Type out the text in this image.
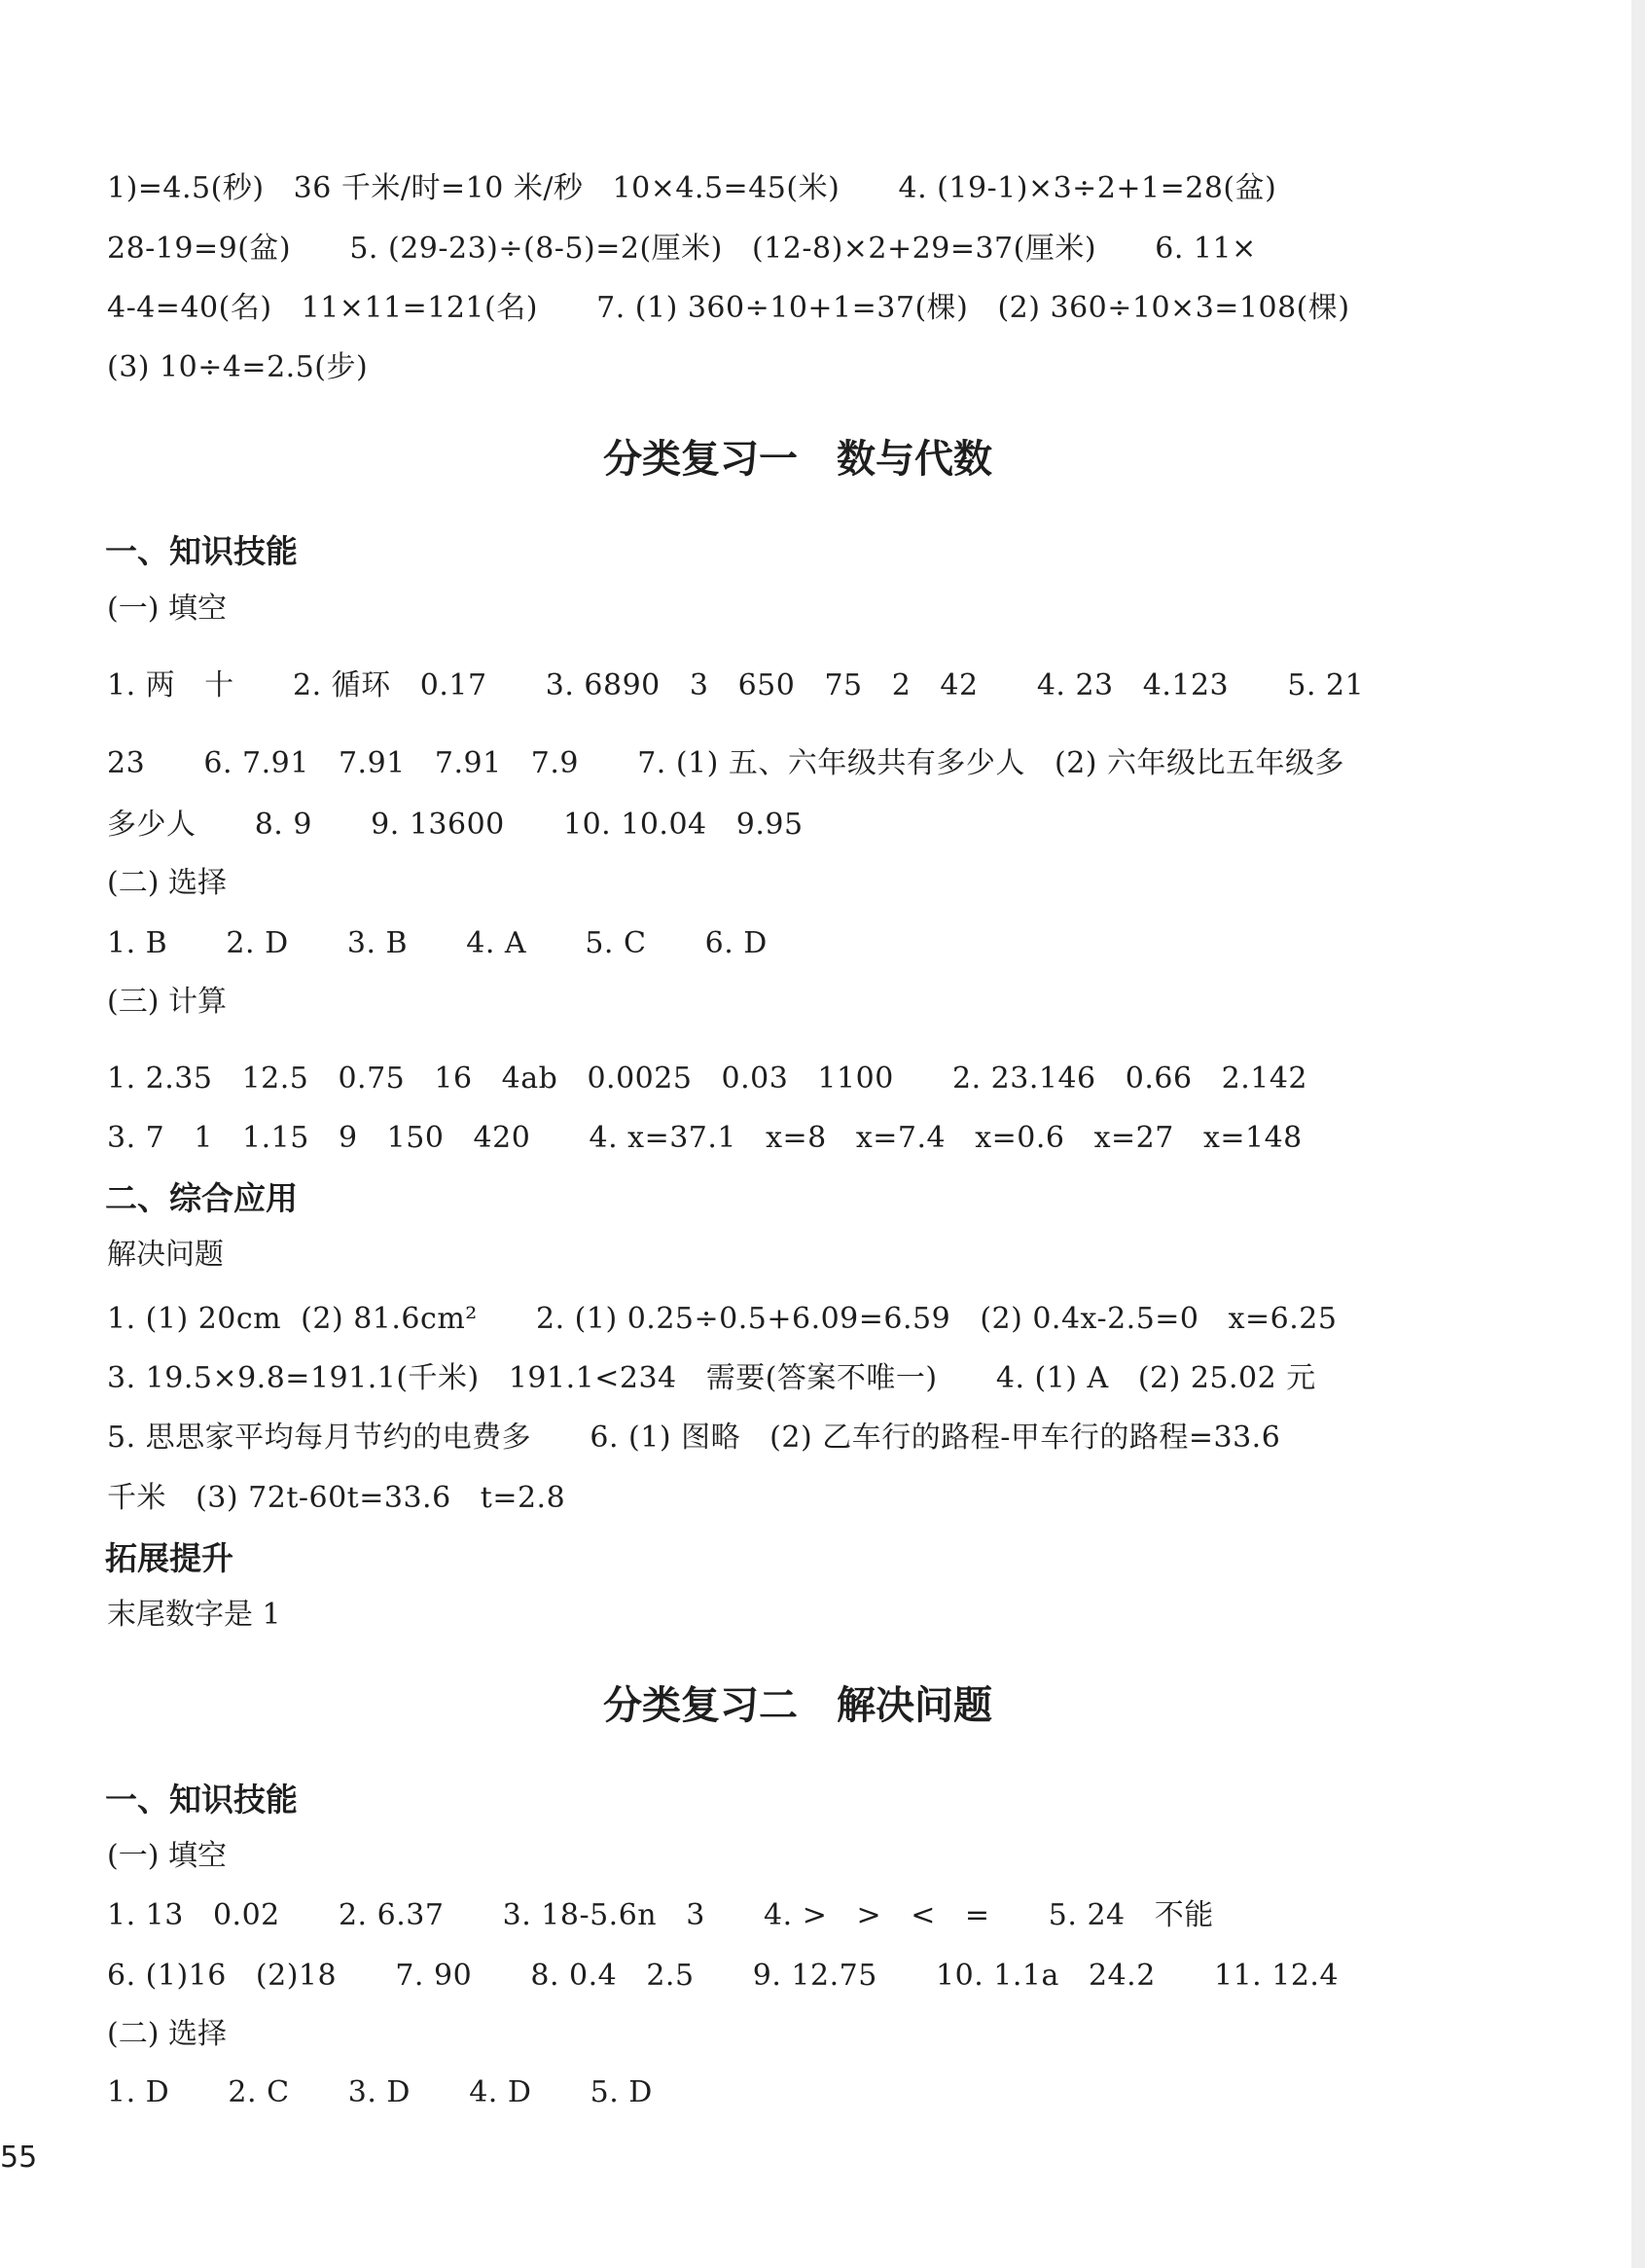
1)=4.5(秒)   36 千米/时=10 米/秒   10×4.5=45(米)      4. (19-1)×3÷2+1=28(盆)
28-19=9(盆)      5. (29-23)÷(8-5)=2(厘米)   (12-8)×2+29=37(厘米)      6. 11×
4-4=40(名)   11×11=121(名)      7. (1) 360÷10+1=37(棵)   (2) 360÷10×3=108(棵)
(3) 10÷4=2.5(步)
分类复习一　数与代数
一、知识技能
(一) 填空
1. 两   十      2. 循环   0.17      3. 6890   3   650   75   2   42      4. 23   4.123      5. 21
23      6. 7.91   7.91   7.91   7.9      7. (1) 五、六年级共有多少人   (2) 六年级比五年级多
多少人      8. 9      9. 13600      10. 10.04   9.95
(二) 选择
1. B      2. D      3. B      4. A      5. C      6. D
(三) 计算
1. 2.35   12.5   0.75   16   4ab   0.0025   0.03   1100      2. 23.146   0.66   2.142
3. 7   1   1.15   9   150   420      4. x=37.1   x=8   x=7.4   x=0.6   x=27   x=148
二、综合应用
解决问题
1. (1) 20cm  (2) 81.6cm²      2. (1) 0.25÷0.5+6.09=6.59   (2) 0.4x-2.5=0   x=6.25
3. 19.5×9.8=191.1(千米)   191.1<234   需要(答案不唯一)      4. (1) A   (2) 25.02 元
5. 思思家平均每月节约的电费多      6. (1) 图略   (2) 乙车行的路程-甲车行的路程=33.6
千米   (3) 72t-60t=33.6   t=2.8
拓展提升
末尾数字是 1
分类复习二　解决问题
一、知识技能
(一) 填空
1. 13   0.02      2. 6.37      3. 18-5.6n   3      4. >   >   <   =      5. 24   不能
6. (1)16   (2)18      7. 90      8. 0.4   2.5      9. 12.75      10. 1.1a   24.2      11. 12.4
(二) 选择
1. D      2. C      3. D      4. D      5. D
55
